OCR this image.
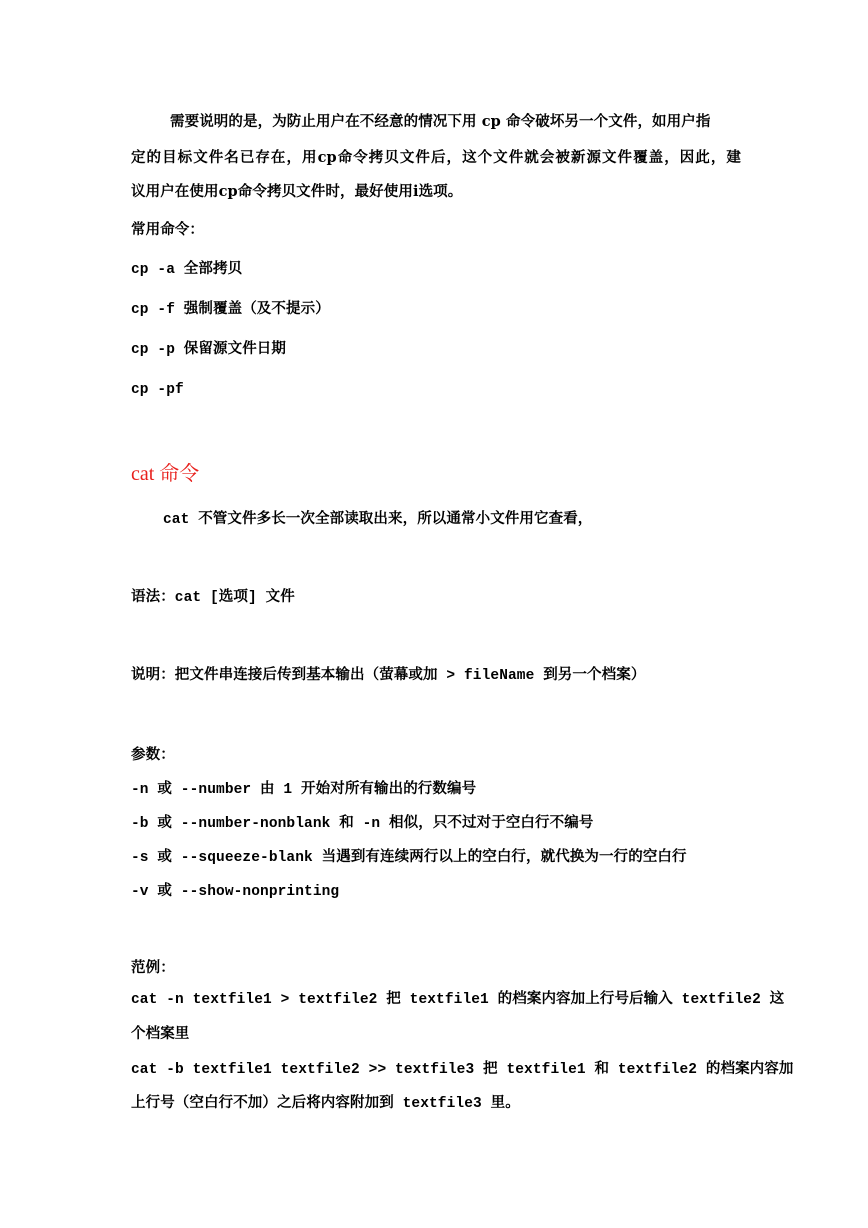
需要说明的是，为防止用户在不经意的情况下用 cp 命令破坏另一个文件，如用户指
定的目标文件名已存在，用cp命令拷贝文件后，这个文件就会被新源文件覆盖，因此，建
议用户在使用cp命令拷贝文件时，最好使用i选项。
常用命令：
cp -a 全部拷贝
cp -f 强制覆盖（及不提示）
cp -p 保留源文件日期
cp -pf
cat 命令
cat 不管文件多长一次全部读取出来，所以通常小文件用它查看，
语法：cat [选项] 文件
说明：把文件串连接后传到基本输出（萤幕或加 > fileName 到另一个档案）
参数：
-n 或 --number 由 1 开始对所有输出的行数编号
-b 或 --number-nonblank 和 -n 相似，只不过对于空白行不编号
-s 或 --squeeze-blank 当遇到有连续两行以上的空白行，就代换为一行的空白行
-v 或 --show-nonprinting
范例：
cat -n textfile1 > textfile2 把 textfile1 的档案内容加上行号后输入 textfile2 这
个档案里
cat -b textfile1 textfile2 >> textfile3 把 textfile1 和 textfile2 的档案内容加
上行号（空白行不加）之后将内容附加到 textfile3 里。
